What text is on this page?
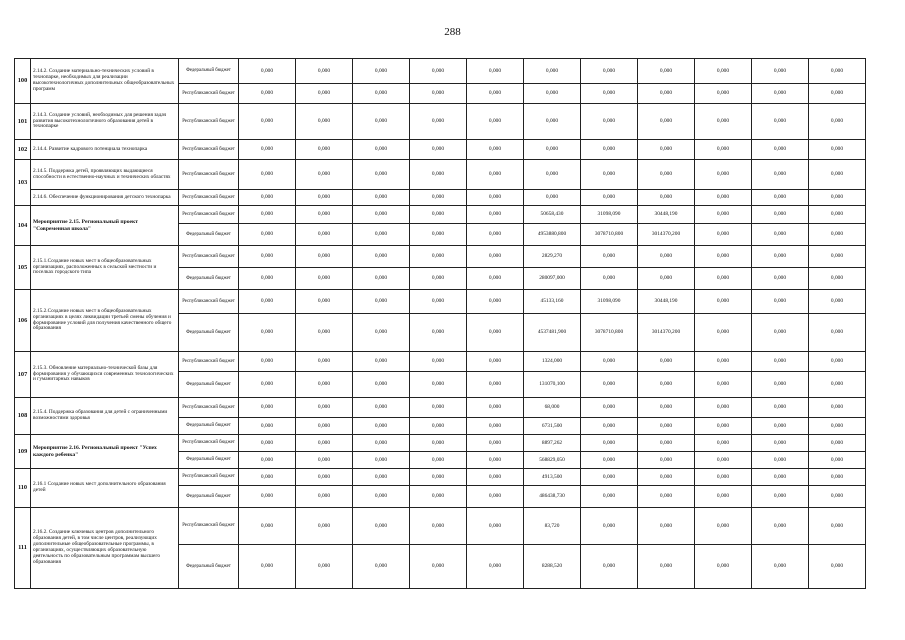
288
100	2.14.2. Создание материально-технических условий в технопарке, необходимых для реализации высокотехнологичных дополнительных общеобразовательных программ	Федеральный бюджет	0,000	0,000	0,000	0,000	0,000	0,000	0,000	0,000	0,000	0,000	0,000
		Республиканский бюджет	0,000	0,000	0,000	0,000	0,000	0,000	0,000	0,000	0,000	0,000	0,000
101	2.14.3. Создание условий, необходимых для решения задач развития высокотехнологичного образования детей в технопарке	Республиканский бюджет	0,000	0,000	0,000	0,000	0,000	0,000	0,000	0,000	0,000	0,000	0,000
102	2.14.4. Развитие кадрового потенциала технопарка	Республиканский бюджет	0,000	0,000	0,000	0,000	0,000	0,000	0,000	0,000	0,000	0,000	0,000
103	2.14.5. Поддержка детей, проявляющих выдающиеся способности в естественно-научных и технических областях	Республиканский бюджет	0,000	0,000	0,000	0,000	0,000	0,000	0,000	0,000	0,000	0,000	0,000
	2.14.6. Обеспечение функционирования детского технопарка	Республиканский бюджет	0,000	0,000	0,000	0,000	0,000	0,000	0,000	0,000	0,000	0,000	0,000
104	Мероприятие 2.15. Региональный проект "Современная школа"	Республиканский бюджет	0,000	0,000	0,000	0,000	0,000	50658,430	31098,090	30448,190	0,000	0,000	0,000
		Федеральный бюджет	0,000	0,000	0,000	0,000	0,000	4953880,800	3078710,800	3014370,200	0,000	0,000	0,000
105	2.15.1.Создание новых мест в общеобразовательных организациях, расположенных в сельской местности и поселках городского типа	Республиканский бюджет	0,000	0,000	0,000	0,000	0,000	2829,270	0,000	0,000	0,000	0,000	0,000
		Федеральный бюджет	0,000	0,000	0,000	0,000	0,000	280097,000	0,000	0,000	0,000	0,000	0,000
106	2.15.2.Создание новых мест в общеобразовательных организациях в целях ликвидации третьей смены обучения и формирование условий для получения качественного общего образования	Республиканский бюджет	0,000	0,000	0,000	0,000	0,000	45133,160	31098,090	30448,190	0,000	0,000	0,000
		Федеральный бюджет	0,000	0,000	0,000	0,000	0,000	4537481,900	3078710,800	3014370,200	0,000	0,000	0,000
107	2.15.3. Обновление материально-технической базы для формирования у обучающихся современных технологических и гуманитарных навыков	Республиканский бюджет	0,000	0,000	0,000	0,000	0,000	1324,000	0,000	0,000	0,000	0,000	0,000
		Федеральный бюджет	0,000	0,000	0,000	0,000	0,000	131070,100	0,000	0,000	0,000	0,000	0,000
108	2.15.4. Поддержка образования для детей с ограниченными возможностями здоровья	Республиканский бюджет	0,000	0,000	0,000	0,000	0,000	68,000	0,000	0,000	0,000	0,000	0,000
		Федеральный бюджет	0,000	0,000	0,000	0,000	0,000	6731,500	0,000	0,000	0,000	0,000	0,000
109	Мероприятие 2.16. Региональный проект "Успех каждого ребенка"	Республиканский бюджет	0,000	0,000	0,000	0,000	0,000	8897,262	0,000	0,000	0,000	0,000	0,000
		Федеральный бюджет	0,000	0,000	0,000	0,000	0,000	568829,050	0,000	0,000	0,000	0,000	0,000
110	2.16.1 Создание новых мест дополнительного образования детей	Республиканский бюджет	0,000	0,000	0,000	0,000	0,000	4913,500	0,000	0,000	0,000	0,000	0,000
		Федеральный бюджет	0,000	0,000	0,000	0,000	0,000	486438,730	0,000	0,000	0,000	0,000	0,000
111	2.16.2. Создание ключевых центров дополнительного образования детей, в том числе центров, реализующих дополнительные общеобразовательные программы, в организациях, осуществляющих образовательную деятельность по образовательным программам высшего образования	Республиканский бюджет	0,000	0,000	0,000	0,000	0,000	83,720	0,000	0,000	0,000	0,000	0,000
		Федеральный бюджет	0,000	0,000	0,000	0,000	0,000	8288,520	0,000	0,000	0,000	0,000	0,000
